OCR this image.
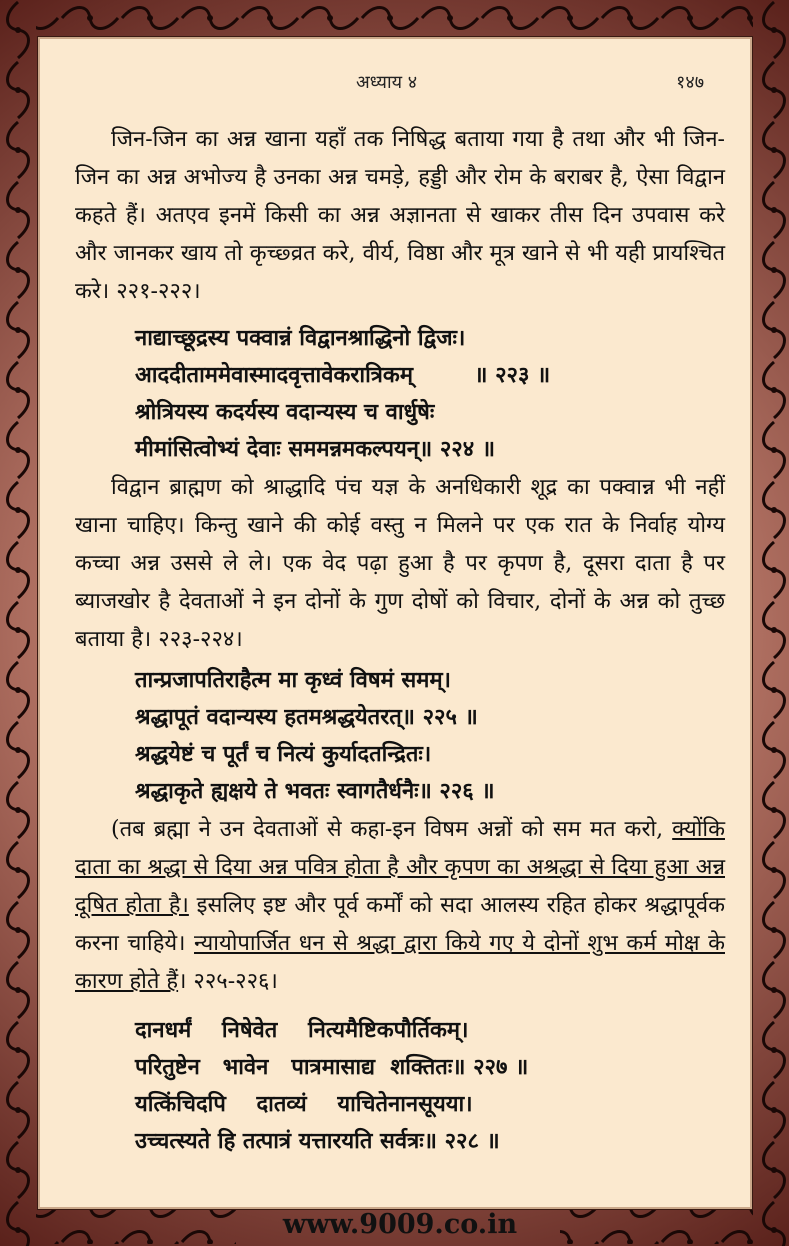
अध्याय ४	१४७
जिन-जिन का अन्न खाना यहाँ तक निषिद्ध बताया गया है तथा और भी जिन-जिन का अन्न अभोज्य है उनका अन्न चमड़े, हड्डी और रोम के बराबर है, ऐसा विद्वान कहते हैं। अतएव इनमें किसी का अन्न अज्ञानता से खाकर तीस दिन उपवास करे और जानकर खाय तो कृच्छ्व्रत करे, वीर्य, विष्ठा और मूत्र खाने से भी यही प्रायश्चित करे। २२१-२२२।
नाद्याच्छूद्रस्य पक्वान्नं विद्वानश्राद्धिनो द्विजः।
आददीताममेवास्मादवृत्तावेकरात्रिकम्        ॥ २२३ ॥
श्रोत्रियस्य कदर्यस्य वदान्यस्य च वार्धुषेः
मीमांसित्वोभ्यं देवाः सममन्नमकल्पयन्॥ २२४ ॥
विद्वान ब्राह्मण को श्राद्धादि पंच यज्ञ के अनधिकारी शूद्र का पक्वान्न भी नहीं खाना चाहिए। किन्तु खाने की कोई वस्तु न मिलने पर एक रात के निर्वाह योग्य कच्चा अन्न उससे ले ले। एक वेद पढ़ा हुआ है पर कृपण है, दूसरा दाता है पर ब्याजखोर है देवताओं ने इन दोनों के गुण दोषों को विचार, दोनों के अन्न को तुच्छ बताया है। २२३-२२४।
तान्प्रजापतिराहैत्म मा कृध्वं विषमं समम्।
श्रद्धापूतं वदान्यस्य हतमश्रद्धयेतरत्॥ २२५ ॥
श्रद्धयेष्टं च पूर्तं च नित्यं कुर्यादतन्द्रितः।
श्रद्धाकृते ह्यक्षये ते भवतः स्वागतैर्धनैः॥ २२६ ॥
(तब ब्रह्मा ने उन देवताओं से कहा-इन विषम अन्नों को सम मत करो, क्योंकि दाता का श्रद्धा से दिया अन्न पवित्र होता है और कृपण का अश्रद्धा से दिया हुआ अन्न दूषित होता है। इसलिए इष्ट और पूर्व कर्मों को सदा आलस्य रहित होकर श्रद्धापूर्वक करना चाहिये। न्यायोपार्जित धन से श्रद्धा द्वारा किये गए ये दोनों शुभ कर्म मोक्ष के कारण होते हैं। २२५-२२६।
दानधर्मं    निषेवेत    नित्यमैष्टिकपौर्तिकम्।
परितुष्टेन   भावेन   पात्रमासाद्य  शक्तितः॥ २२७ ॥
यत्किंचिदपि    दातव्यं    याचितेनानसूयया।
उच्चत्स्यते हि तत्पात्रं यत्तारयति सर्वत्रः॥ २२८ ॥
www.9009.co.in
